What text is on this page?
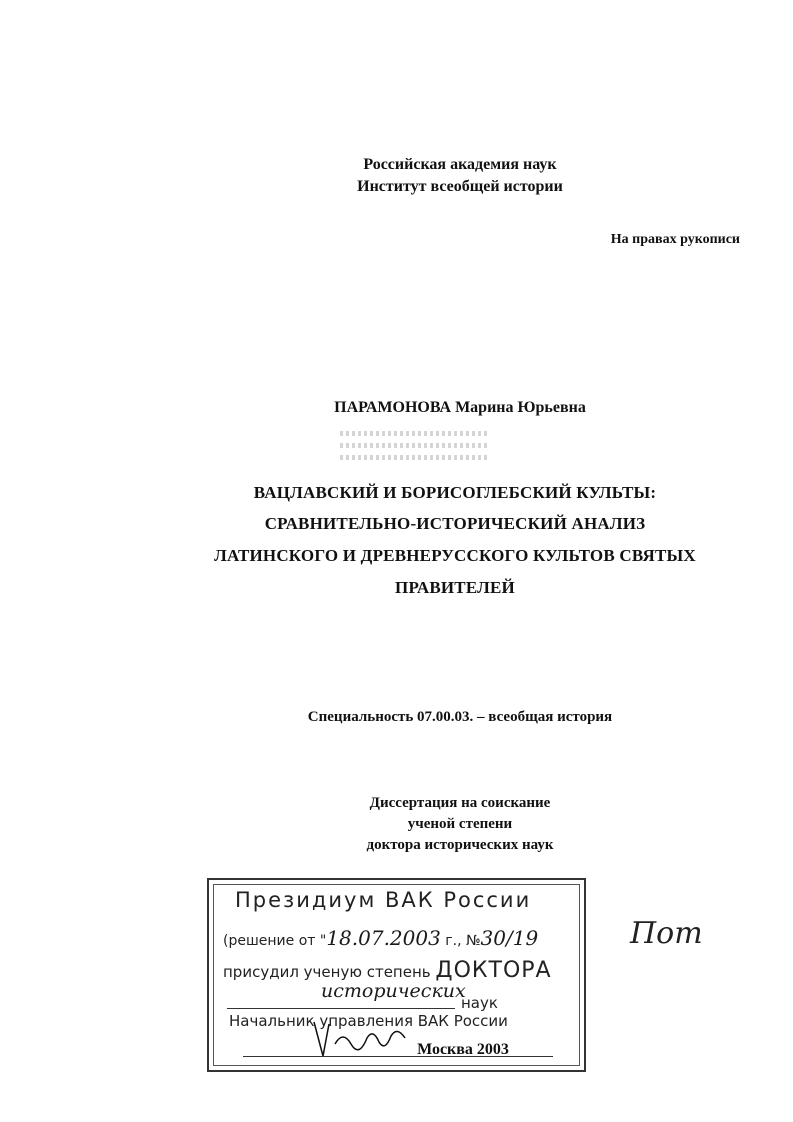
Российская академия наук
Институт всеобщей истории
На правах рукописи
ПАРАМОНОВА Марина Юрьевна
ВАЦЛАВСКИЙ И БОРИСОГЛЕБСКИЙ КУЛЬТЫ:
СРАВНИТЕЛЬНО-ИСТОРИЧЕСКИЙ АНАЛИЗ
ЛАТИНСКОГО И ДРЕВНЕРУССКОГО КУЛЬТОВ СВЯТЫХ
ПРАВИТЕЛЕЙ
Специальность 07.00.03. – всеобщая история
Диссертация на соискание
ученой степени
доктора исторических наук
Президиум ВАК России
(решение от "18.07.2003 г., №30/19
присудил ученую степень ДОКТОРА
исторических
наук
Начальник управления ВАК России
Москва 2003
Пот
